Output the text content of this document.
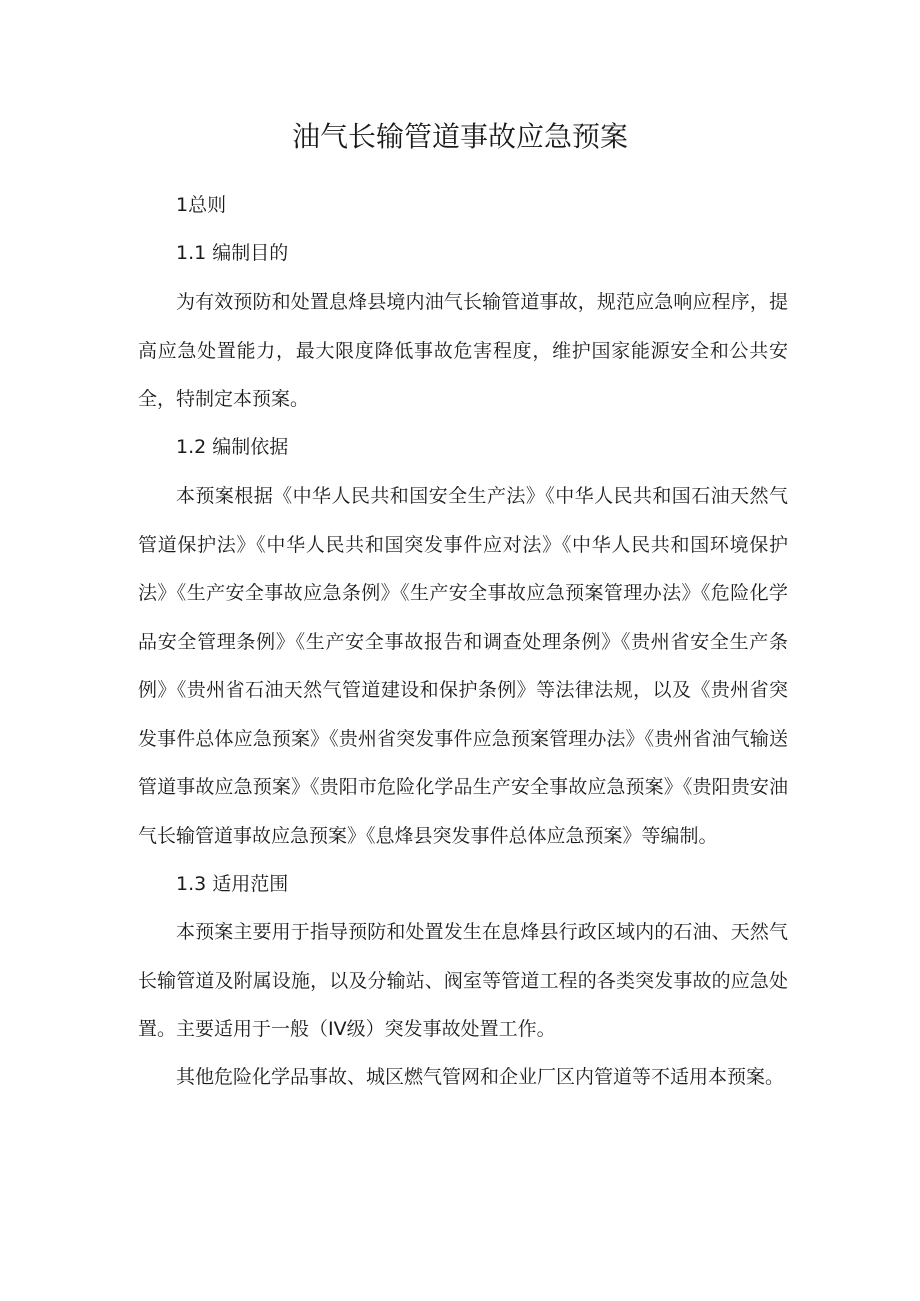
油气长输管道事故应急预案

1总则

1.1 编制目的

为有效预防和处置息烽县境内油气长输管道事故，规范应急响应程序，提高应急处置能力，最大限度降低事故危害程度，维护国家能源安全和公共安全，特制定本预案。

1.2 编制依据

本预案根据《中华人民共和国安全生产法》《中华人民共和国石油天然气管道保护法》《中华人民共和国突发事件应对法》《中华人民共和国环境保护法》《生产安全事故应急条例》《生产安全事故应急预案管理办法》《危险化学品安全管理条例》《生产安全事故报告和调查处理条例》《贵州省安全生产条例》《贵州省石油天然气管道建设和保护条例》等法律法规，以及《贵州省突发事件总体应急预案》《贵州省突发事件应急预案管理办法》《贵州省油气输送管道事故应急预案》《贵阳市危险化学品生产安全事故应急预案》《贵阳贵安油气长输管道事故应急预案》《息烽县突发事件总体应急预案》等编制。

1.3 适用范围

本预案主要用于指导预防和处置发生在息烽县行政区域内的石油、天然气长输管道及附属设施，以及分输站、阀室等管道工程的各类突发事故的应急处置。主要适用于一般（IV级）突发事故处置工作。

其他危险化学品事故、城区燃气管网和企业厂区内管道等不适用本预案。
